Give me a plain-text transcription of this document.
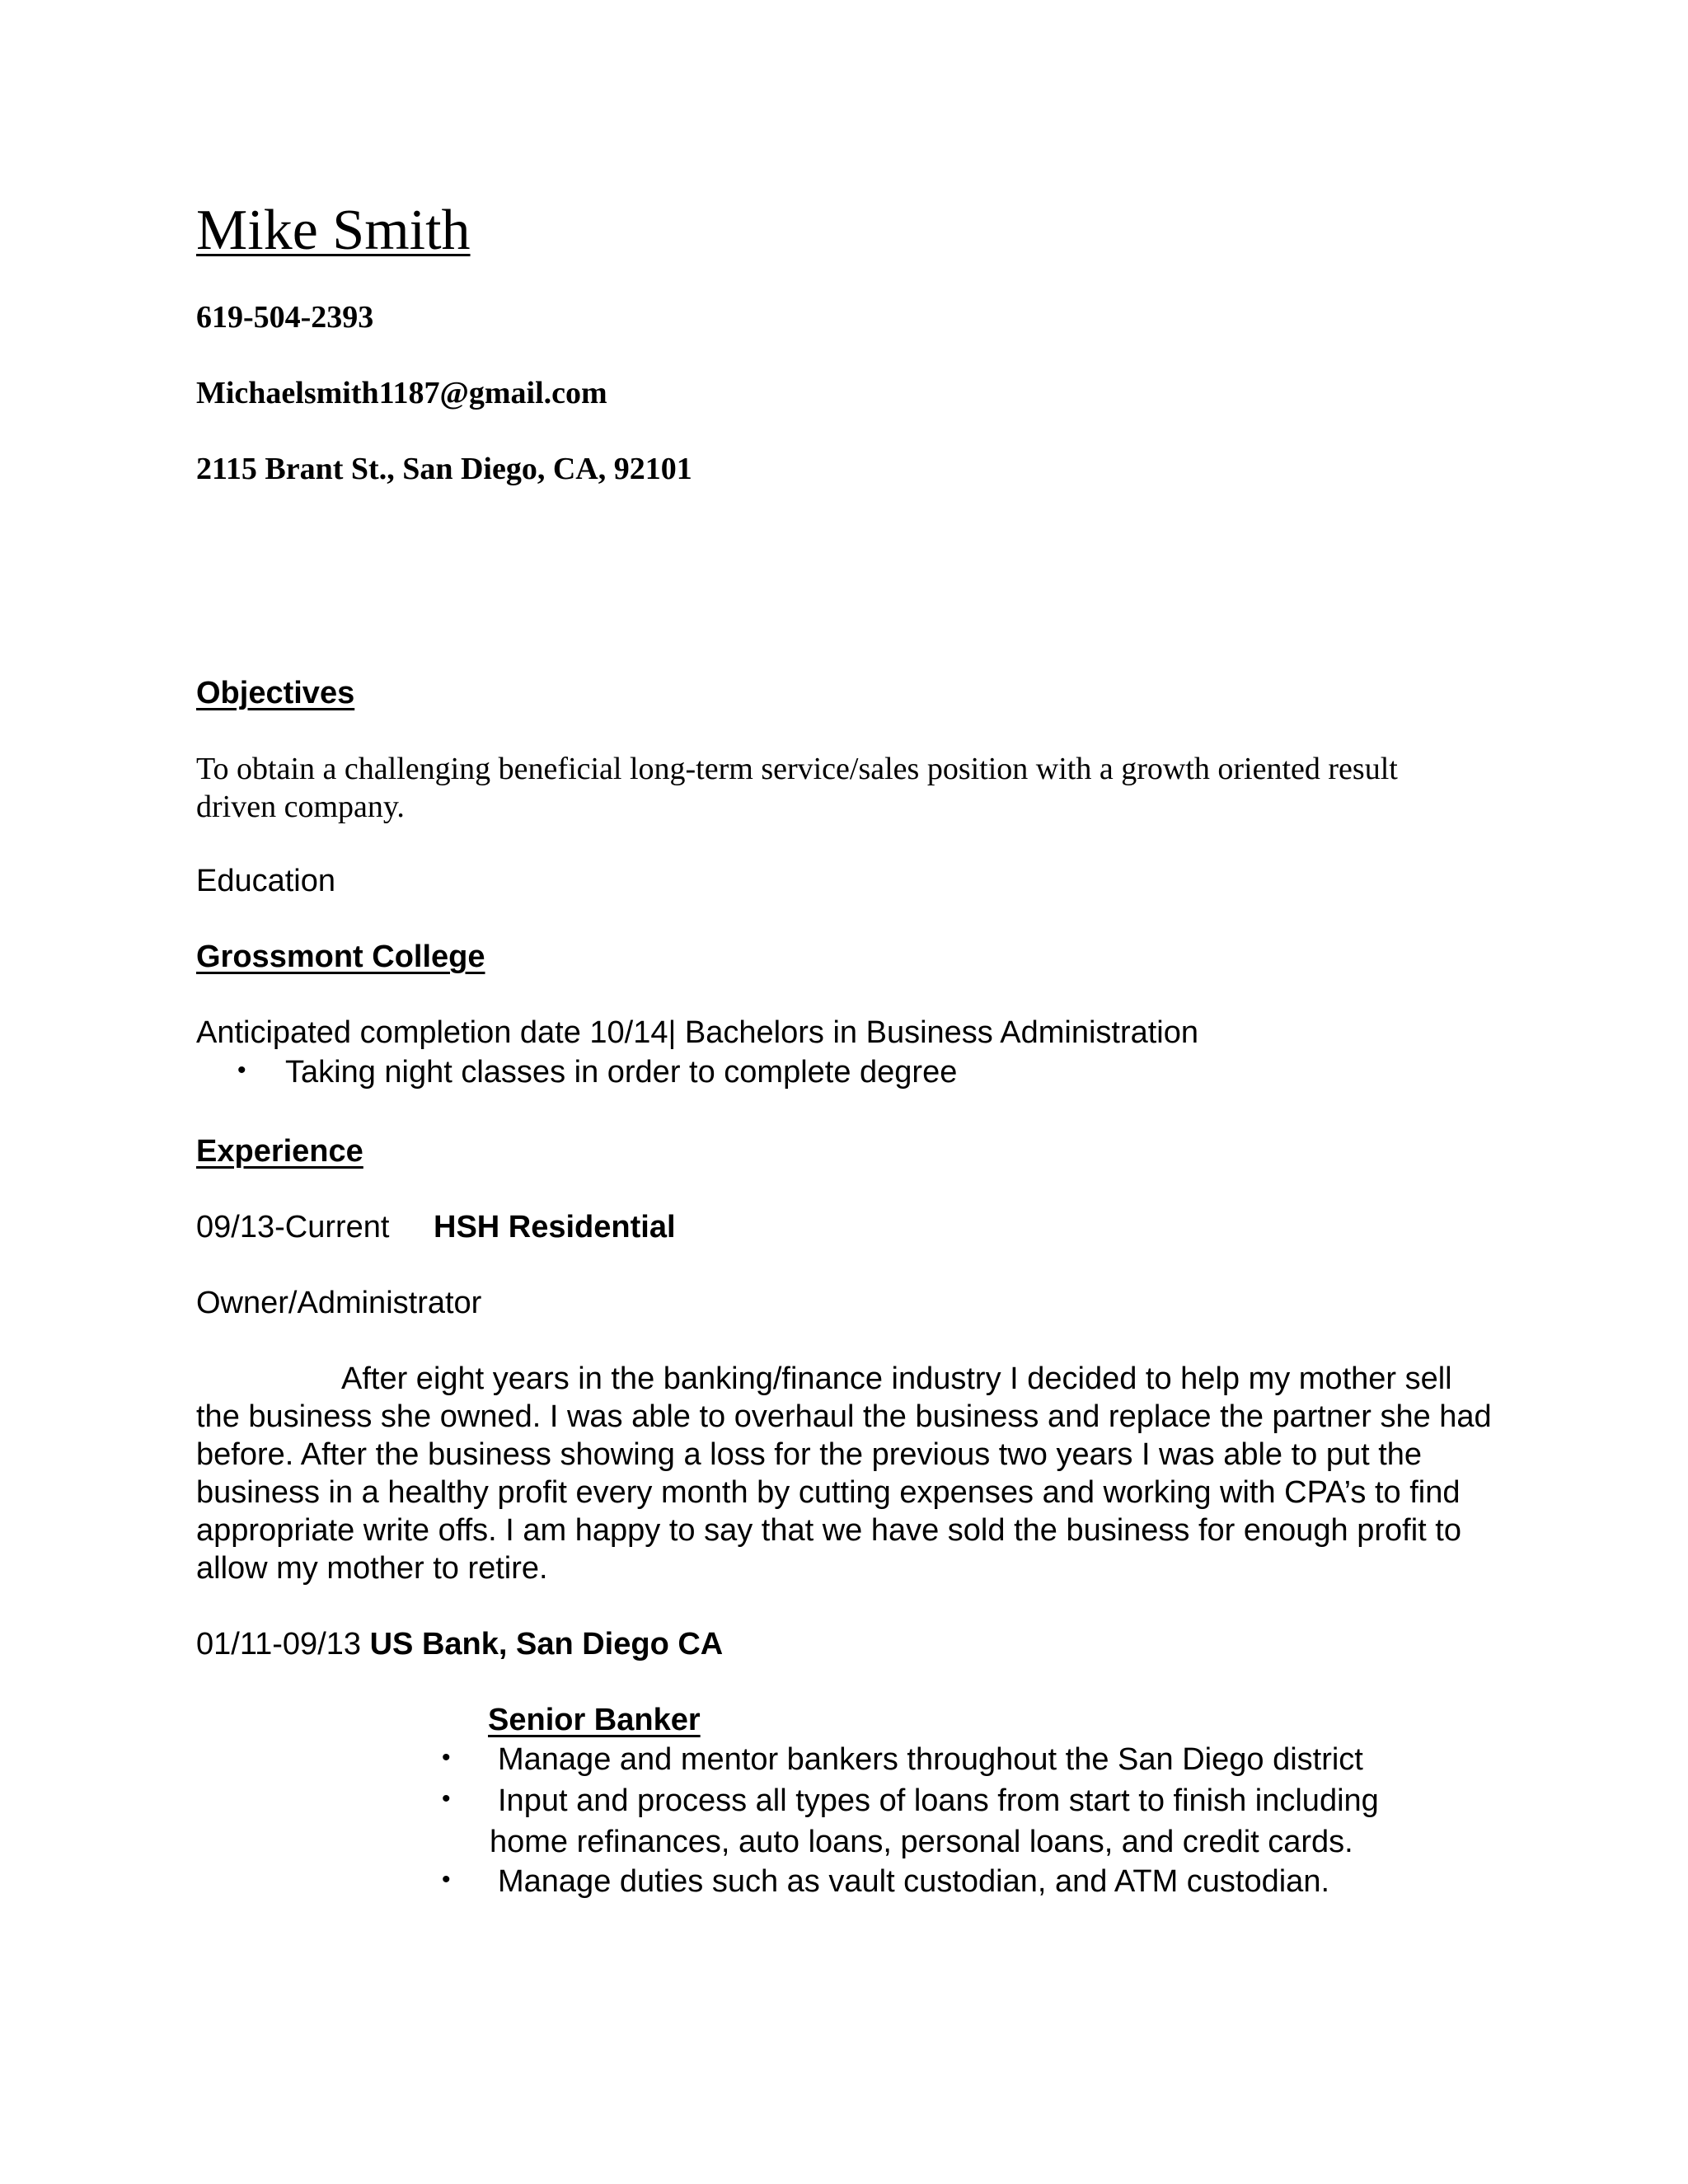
Mike Smith
619-504-2393
Michaelsmith1187@gmail.com
2115 Brant St., San Diego, CA, 92101
Objectives
To obtain a challenging beneficial long-term service/sales position with a growth oriented result driven company.
Education
Grossmont College
Anticipated completion date 10/14| Bachelors in Business Administration
• Taking night classes in order to complete degree
Experience
09/13-Current HSH Residential
Owner/Administrator
After eight years in the banking/finance industry I decided to help my mother sell the business she owned. I was able to overhaul the business and replace the partner she had before. After the business showing a loss for the previous two years I was able to put the business in a healthy profit every month by cutting expenses and working with CPA’s to find appropriate write offs. I am happy to say that we have sold the business for enough profit to allow my mother to retire.
01/11-09/13 US Bank, San Diego CA
Senior Banker
• Manage and mentor bankers throughout the San Diego district
• Input and process all types of loans from start to finish including
home refinances, auto loans, personal loans, and credit cards.
• Manage duties such as vault custodian, and ATM custodian.
